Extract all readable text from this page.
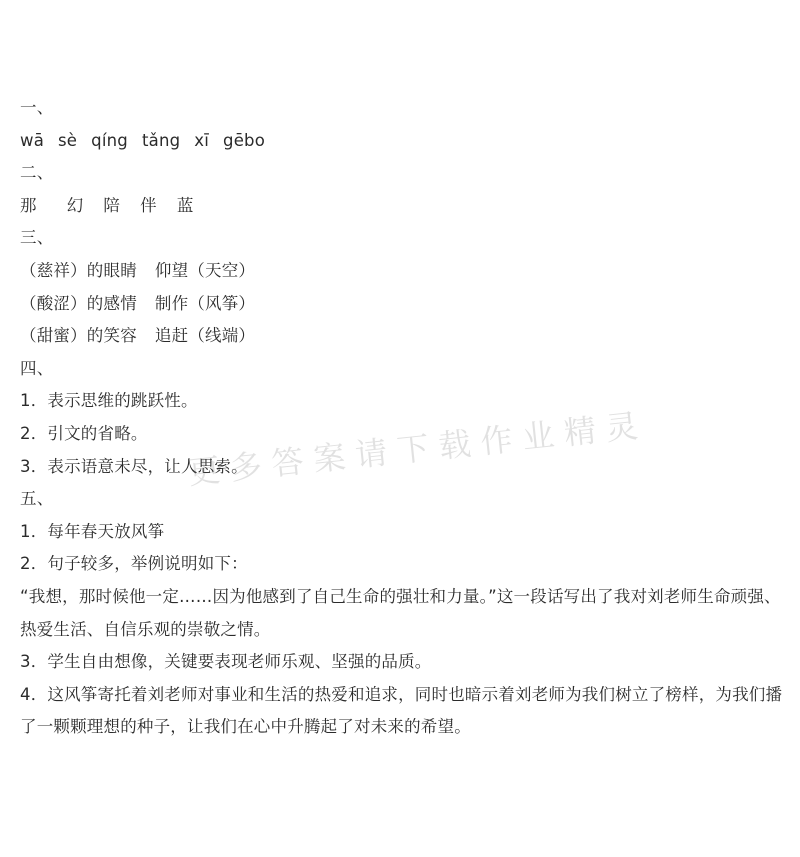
一、
wā sè qíng tǎng xī gēbo
二、
那 幻 陪 伴 蓝
三、
（慈祥）的眼睛 仰望（天空）
（酸涩）的感情 制作（风筝）
（甜蜜）的笑容 追赶（线端）
四、
1．表示思维的跳跃性。
2．引文的省略。
3．表示语意未尽，让人思索。
五、
1．每年春天放风筝
2．句子较多，举例说明如下：
“我想，那时候他一定……因为他感到了自己生命的强壮和力量。”这一段话写出了我对刘老师生命顽强、热爱生活、自信乐观的崇敬之情。
3．学生自由想像，关键要表现老师乐观、坚强的品质。
4．这风筝寄托着刘老师对事业和生活的热爱和追求，同时也暗示着刘老师为我们树立了榜样，为我们播了一颗颗理想的种子，让我们在心中升腾起了对未来的希望。
更多答案请下载作业精灵
